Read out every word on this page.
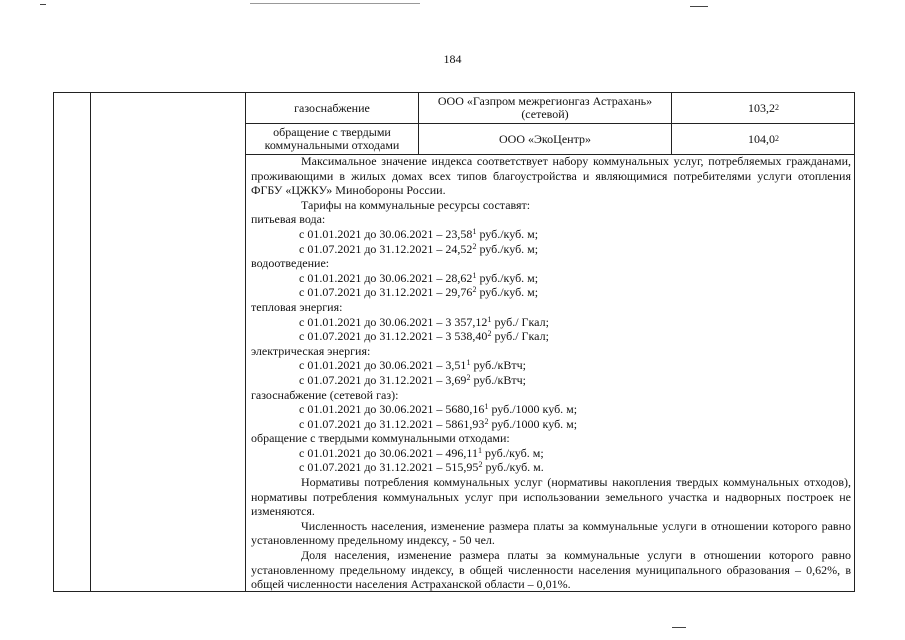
184
газоснабжение	ООО «Газпром межрегионгаз Астрахань» (сетевой)	103,2 2
обращение с твердыми коммунальными отходами	ООО «ЭкоЦентр»	104,0 2

Максимальное значение индекса соответствует набору коммунальных услуг, потребляемых гражданами, проживающими в жилых домах всех типов благоустройства и являющимися потребителями услуги отопления ФГБУ «ЦЖКУ» Минобороны России.

Тарифы на коммунальные ресурсы составят:

питьевая вода:
с 01.01.2021 до 30.06.2021 – 23,58$^1$ руб./куб. м;
с 01.07.2021 до 31.12.2021 – 24,52$^2$ руб./куб. м;
водоотведение:
с 01.01.2021 до 30.06.2021 – 28,62$^1$ руб./куб. м;
с 01.07.2021 до 31.12.2021 – 29,76$^2$ руб./куб. м;
тепловая энергия:
с 01.01.2021 до 30.06.2021 – 3 357,12$^1$ руб./ Гкал;
с 01.07.2021 до 31.12.2021 – 3 538,40$^2$ руб./ Гкал;
электрическая энергия:
с 01.01.2021 до 30.06.2021 – 3,51$^1$ руб./кВтч;
с 01.07.2021 до 31.12.2021 – 3,69$^2$ руб./кВтч;
газоснабжение (сетевой газ):
с 01.01.2021 до 30.06.2021 – 5680,16$^1$ руб./1000 куб. м;
с 01.07.2021 до 31.12.2021 – 5861,93$^2$ руб./1000 куб. м;
обращение с твердыми коммунальными отходами:
с 01.01.2021 до 30.06.2021 – 496,11$^1$ руб./куб. м;
с 01.07.2021 до 31.12.2021 – 515,95$^2$ руб./куб. м.

Нормативы потребления коммунальных услуг (нормативы накопления твердых коммунальных отходов), нормативы потребления коммунальных услуг при использовании земельного участка и надворных построек не изменяются.

Численность населения, изменение размера платы за коммунальные услуги в отношении которого равно установленному предельному индексу, - 50 чел.

Доля населения, изменение размера платы за коммунальные услуги в отношении которого равно установленному предельному индексу, в общей численности населения муниципального образования – 0,62%, в общей численности населения Астраханской области – 0,01%.
